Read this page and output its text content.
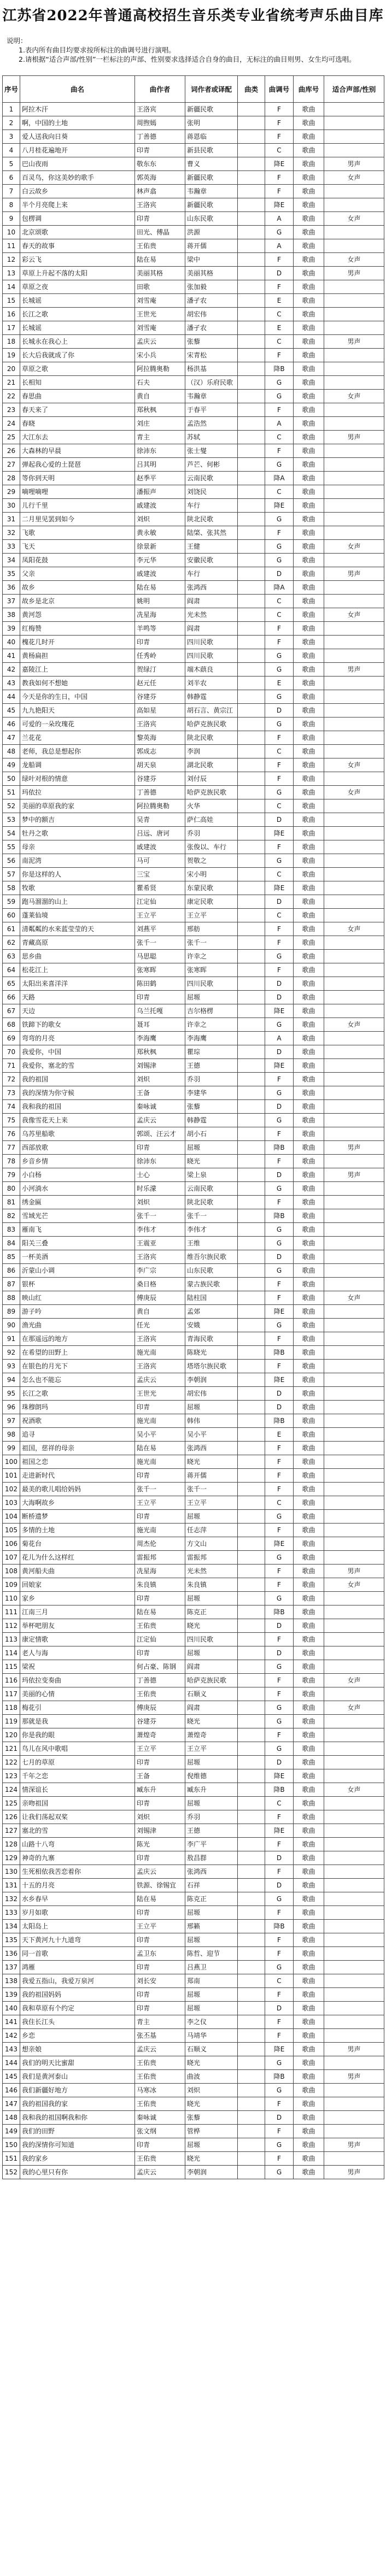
江苏省2022年普通高校招生音乐类专业省统考声乐曲目库
说明：
1.表内所有曲目均要求按所标注的曲调号进行演唱。
2.请根据“适合声部/性别”一栏标注的声部、性别要求选择适合自身的曲目，无标注的曲目则男、女生均可选唱。
序号	曲名	曲作者	词作者或译配	曲类	曲调号	曲库号	适合声部/性别
1	阿拉木汗	王洛宾	新疆民歌		F	歌曲	
2	啊，中国的土地	周煦嫣	张明		F	歌曲	
3	爱人送我向日葵	丁善德	蒋恩临		F	歌曲	
4	八月桂花遍地开	印青	新县民歌		C	歌曲	
5	巴山夜雨	敬东东	曹义		降E	歌曲	男声
6	百灵鸟，你这美妙的歌手	郭英海	新疆民歌		F	歌曲	女声
7	白云故乡	林声翕	韦瀚章		F	歌曲	
8	半个月亮爬上来	王洛宾	新疆民歌		降E	歌曲	
9	包楞调	印青	山东民歌		A	歌曲	女声
10	北京颂歌	田光、傅晶	洪源		G	歌曲	
11	春天的故事	王佑贵	蒋开儒		A	歌曲	
12	彩云飞	陆在易	梁中		F	歌曲	女声
13	草原上升起不落的太阳	美丽其格	美丽其格		D	歌曲	男声
14	草原之夜	田歌	张加毅		F	歌曲	
15	长城谣	刘雪庵	潘孑农		E	歌曲	
16	长江之歌	王世光	胡宏伟		C	歌曲	
17	长城谣	刘雪庵	潘孑农		E	歌曲	
18	长城永在我心上	孟庆云	张藜		C	歌曲	男声
19	长大后我就成了你	宋小兵	宋青松		F	歌曲	
20	草原之歌	阿拉腾奥勒	杨洪基		降B	歌曲	
21	长相知	石夫	（汉）乐府民歌		G	歌曲	
22	春思曲	黄自	韦瀚章		G	歌曲	女声
23	春天来了	郑秋枫	于春平		F	歌曲	
24	春晓	刘庄	孟浩然		A	歌曲	
25	大江东去	青主	苏轼		C	歌曲	男声
26	大森林的早晨	徐沛东	张士燮		F	歌曲	
27	弹起我心爱的土琵琶	吕其明	芦芒、何彬		G	歌曲	
28	等你到天明	赵季平	云南民歌		降A	歌曲	
29	嘀哩嘀哩	潘振声	刘饶民		C	歌曲	
30	儿行千里	戚建波	车行		降E	歌曲	
31	二月里见罢到如今	刘炽	陕北民歌		G	歌曲	
32	飞歌	黄永敏	陆棨、张其然		F	歌曲	
33	飞天	徐景新	王健		G	歌曲	女声
34	凤阳花鼓	李元华	安徽民歌		G	歌曲	
35	父亲	戚建波	车行		D	歌曲	男声
36	故乡	陆在易	张鸿西		降A	歌曲	
37	故乡是北京	姚明	阎肃		C	歌曲	
38	黄河怨	冼星海	光未然		C	歌曲	女声
39	红梅赞	羊鸣等	阎肃		F	歌曲	
40	槐花几时开	印青	四川民歌		F	歌曲	
41	黄杨扁担	任秀岭	四川民歌		G	歌曲	
42	嘉陵江上	贺绿汀	端木蕻良		G	歌曲	男声
43	教我如何不想她	赵元任	刘半农		E	歌曲	
44	今天是你的生日，中国	谷建芬	韩静霆		G	歌曲	
45	九九艳阳天	高如星	胡石言、黄宗江		D	歌曲	
46	可爱的一朵玫瑰花	王洛宾	哈萨克族民歌		G	歌曲	
47	兰花花	黎英海	陕北民歌		F	歌曲	
48	老师，我总是想起你	郭成志	李润		C	歌曲	
49	龙船调	胡天泉	湖北民歌		F	歌曲	女声
50	绿叶对根的情意	谷建芬	刘付辰		F	歌曲	
51	玛依拉	丁善德	哈萨克族民歌		G	歌曲	女声
52	美丽的草原我的家	阿拉腾奥勒	火华		C	歌曲	
53	梦中的额吉	吴青	萨仁高娃		D	歌曲	
54	牡丹之歌	吕远、唐诃	乔羽		降E	歌曲	
55	母亲	戚建波	张俊以、车行		F	歌曲	
56	南泥湾	马可	贺敬之		G	歌曲	
57	你是这样的人	三宝	宋小明		C	歌曲	
58	牧歌	瞿希贤	东蒙民歌		降E	歌曲	
59	跑马溜溜的山上	江定仙	康定民歌		D	歌曲	
60	蓬莱仙境	王立平	王立平		C	歌曲	
61	清粼粼的水来蓝莹莹的天	刘燕平	邢舫		F	歌曲	女声
62	青藏高原	张千一	张千一		F	歌曲	
63	思乡曲	马思聪	许幸之		G	歌曲	
64	松花江上	张寒晖	张寒晖		F	歌曲	
65	太阳出来喜洋洋	陈田鹤	四川民歌		D	歌曲	
66	天路	印青	屈塬		D	歌曲	
67	天边	乌兰托嘎	吉尔格楞		降E	歌曲	
68	铁蹄下的歌女	聂耳	许幸之		G	歌曲	女声
69	弯弯的月亮	李海鹰	李海鹰		A	歌曲	
70	我爱你，中国	郑秋枫	瞿琮		D	歌曲	
71	我爱你，塞北的雪	刘锡津	王德		降E	歌曲	
72	我的祖国	刘炽	乔羽		F	歌曲	
73	我的深情为你守候	王备	李建华		G	歌曲	
74	我和我的祖国	秦咏诚	张藜		D	歌曲	
75	我像雪花天上来	孟庆云	韩静霆		G	歌曲	
76	乌苏里船歌	郭颂、汪云才	胡小石		F	歌曲	
77	西部放歌	印青	屈塬		降B	歌曲	男声
78	乡音乡情	徐沛东	晓光		F	歌曲	
79	小白杨	士心	梁上泉		D	歌曲	男声
80	小河淌水	时乐濛	云南民歌		G	歌曲	
81	绣金匾	刘炽	陕北民歌		F	歌曲	
82	雪域光芒	张千一	张千一		降B	歌曲	
83	雁南飞	李伟才	李伟才		G	歌曲	
84	阳关三叠	王震亚	王维		G	歌曲	
85	一杯美酒	王洛宾	维吾尔族民歌		D	歌曲	
86	沂蒙山小调	李广宗	山东民歌		G	歌曲	
87	银杯	桑日格	蒙古族民歌		F	歌曲	
88	映山红	傅庚辰	陆柱国		F	歌曲	女声
89	游子吟	黄自	孟郊		降E	歌曲	
90	渔光曲	任光	安娥		G	歌曲	
91	在那遥远的地方	王洛宾	青海民歌		F	歌曲	
92	在希望的田野上	施光南	陈晓光		降B	歌曲	
93	在银色的月光下	王洛宾	塔塔尔族民歌		F	歌曲	
94	怎么也不能忘	孟庆云	李朝润		降E	歌曲	
95	长江之歌	王世光	胡宏伟		D	歌曲	
96	珠穆朗玛	印青	屈塬		D	歌曲	
97	祝酒歌	施光南	韩伟		降B	歌曲	
98	追寻	吴小平	吴小平		E	歌曲	
99	祖国，慈祥的母亲	陆在易	张鸿西		F	歌曲	
100	祖国之恋	施光南	晓光		F	歌曲	
101	走进新时代	印青	蒋开儒		F	歌曲	
102	最美的歌儿唱给妈妈	张千一	张千一		F	歌曲	
103	大海啊故乡	王立平	王立平		C	歌曲	
104	断桥遗梦	印青	屈塬		G	歌曲	
105	多情的土地	施光南	任志萍		F	歌曲	
106	菊花台	周杰伦	方文山		降E	歌曲	
107	花儿为什么这样红	雷振邦	雷振邦		G	歌曲	
108	黄河船夫曲	冼星海	光未然		F	歌曲	男声
109	回娘家	朱良镇	朱良镇		F	歌曲	女声
110	家乡	印青	屈塬		G	歌曲	
111	江南三月	陆在易	陈克正		降B	歌曲	
112	举杯吧朋友	王佑贵	晓光		D	歌曲	
113	康定情歌	江定仙	四川民歌		F	歌曲	
114	老人与海	印青	屈塬		D	歌曲	
115	梁祝	何占豪、陈钢	阎肃		G	歌曲	
116	玛依拉变奏曲	丁善德	哈萨克族民歌		F	歌曲	女声
117	美丽的心情	王佑贵	石顺义		F	歌曲	
118	梅花引	傅庚辰	阎肃		G	歌曲	女声
119	那就是我	谷建芬	晓光		G	歌曲	
120	你是我的眼	萧煌奇	萧煌奇		F	歌曲	
121	鸟儿在风中歌唱	王立平	王立平		G	歌曲	
122	七月的草原	印青	屈塬		D	歌曲	
123	千年之恋	王备	倪维德		降E	歌曲	
124	情深谊长	臧东升	臧东升		降B	歌曲	女声
125	亲吻祖国	印青	屈塬		C	歌曲	
126	让我们荡起双桨	刘炽	乔羽		F	歌曲	
127	塞北的雪	刘锡津	王德		降E	歌曲	
128	山路十八弯	陈光	李广平		F	歌曲	
129	神奇的九寨	印青	敖昌群		D	歌曲	
130	生死相依我苦恋着你	孟庆云	张鸿西		F	歌曲	
131	十五的月亮	铁源、徐锡宜	石祥		D	歌曲	
132	水乡春早	陆在易	陈克正		G	歌曲	
133	岁月如歌	印青	屈塬		F	歌曲	
134	太阳岛上	王立平	邢籁		降B	歌曲	
135	天下黄河九十九道弯	印青	屈塬		F	歌曲	
136	同一首歌	孟卫东	陈哲、迎节		F	歌曲	
137	鸿雁	印青	吕燕卫		G	歌曲	
138	我爱五指山，我爱万泉河	刘长安	郑南		C	歌曲	
139	我的祖国妈妈	印青	屈塬		F	歌曲	
140	我和草原有个约定	印青	屈塬		D	歌曲	
141	我住长江头	青主	李之仪		F	歌曲	
142	乡恋	张丕基	马靖华		F	歌曲	
143	想亲娘	孟庆云	石顺义		降E	歌曲	男声
144	我们的明天比蜜甜	王佑贵	晓光		G	歌曲	
145	我们是黄河泰山	王佑贵	曲波		降B	歌曲	男声
146	我们新疆好地方	马寒冰	刘炽		G	歌曲	
147	我的祖国我的家	王佑贵	晓光		F	歌曲	
148	我和我的祖国啊我和你	秦咏诚	张藜		D	歌曲	
149	我们的田野	张文纲	管桦		F	歌曲	
150	我的深情你可知道	印青	屈塬		G	歌曲	男声
151	我的家乡	王佑贵	晓光		F	歌曲	
152	我的心里只有你	孟庆云	李朝润		G	歌曲	男声
